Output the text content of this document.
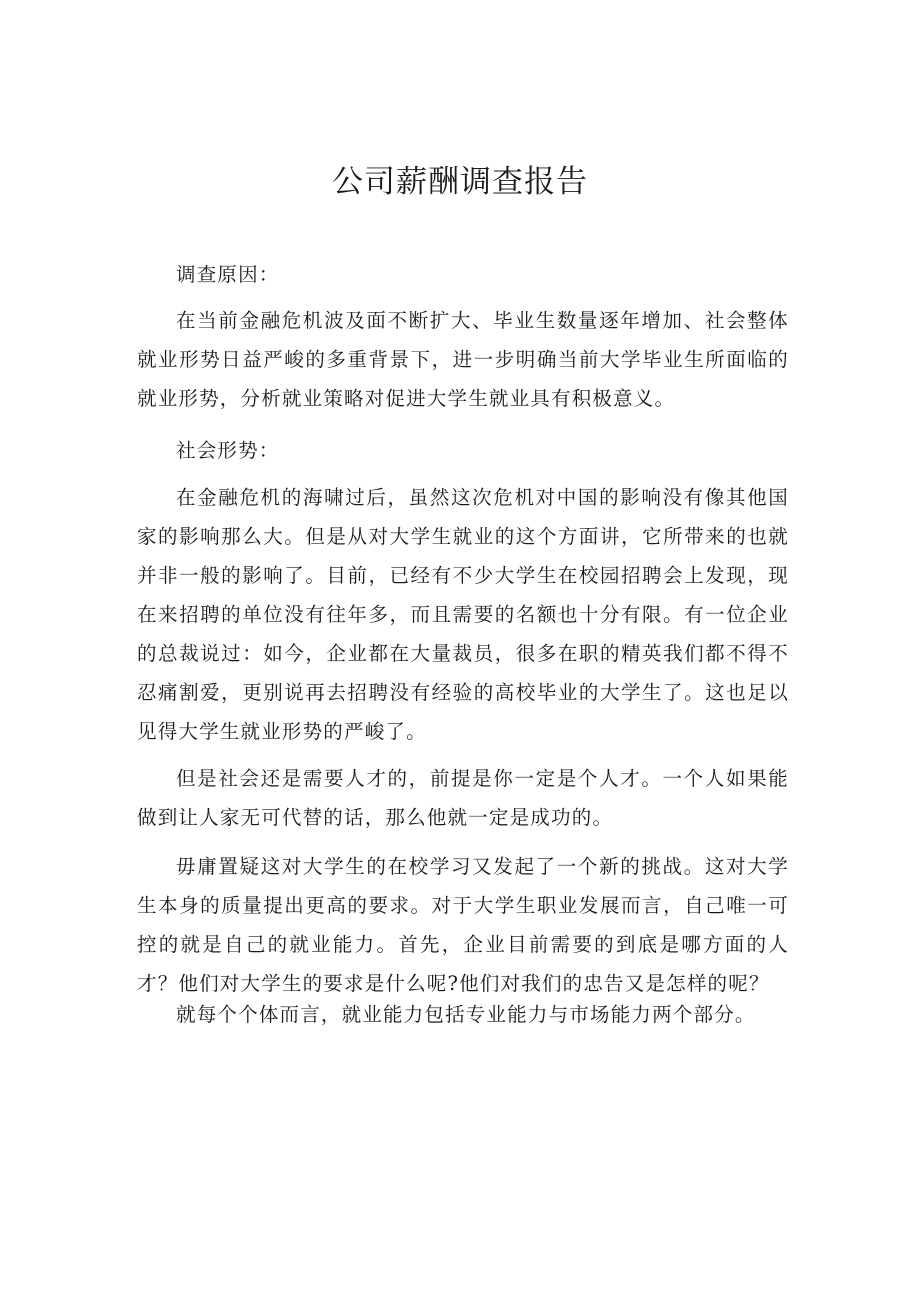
公司薪酬调查报告

调查原因：

在当前金融危机波及面不断扩大、毕业生数量逐年增加、社会整体就业形势日益严峻的多重背景下，进一步明确当前大学毕业生所面临的就业形势，分析就业策略对促进大学生就业具有积极意义。

社会形势：

在金融危机的海啸过后，虽然这次危机对中国的影响没有像其他国家的影响那么大。但是从对大学生就业的这个方面讲，它所带来的也就并非一般的影响了。目前，已经有不少大学生在校园招聘会上发现，现在来招聘的单位没有往年多，而且需要的名额也十分有限。有一位企业的总裁说过：如今，企业都在大量裁员，很多在职的精英我们都不得不忍痛割爱，更别说再去招聘没有经验的高校毕业的大学生了。这也足以见得大学生就业形势的严峻了。

但是社会还是需要人才的，前提是你一定是个人才。一个人如果能做到让人家无可代替的话，那么他就一定是成功的。

毋庸置疑这对大学生的在校学习又发起了一个新的挑战。这对大学生本身的质量提出更高的要求。对于大学生职业发展而言，自己唯一可控的就是自己的就业能力。首先，企业目前需要的到底是哪方面的人才？他们对大学生的要求是什么呢?他们对我们的忠告又是怎样的呢？

就每个个体而言，就业能力包括专业能力与市场能力两个部分。
